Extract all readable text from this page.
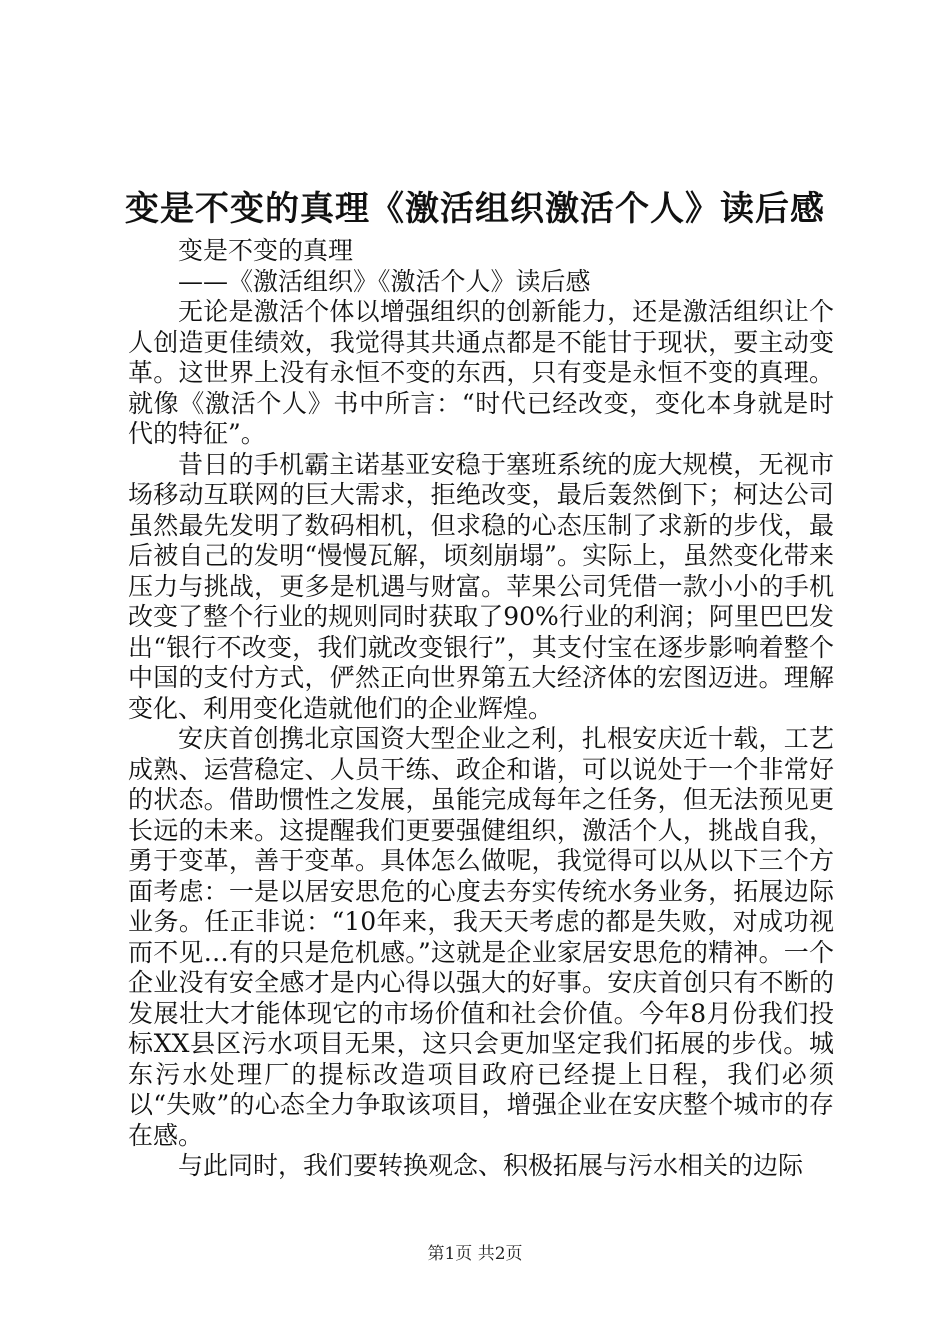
变是不变的真理《激活组织激活个人》读后感

变是不变的真理

——《激活组织》《激活个人》读后感

无论是激活个体以增强组织的创新能力，还是激活组织让个人创造更佳绩效，我觉得其共通点都是不能甘于现状，要主动变革。这世界上没有永恒不变的东西，只有变是永恒不变的真理。就像《激活个人》书中所言：“时代已经改变，变化本身就是时代的特征”。

昔日的手机霸主诺基亚安稳于塞班系统的庞大规模，无视市场移动互联网的巨大需求，拒绝改变，最后轰然倒下；柯达公司虽然最先发明了数码相机，但求稳的心态压制了求新的步伐，最后被自己的发明“慢慢瓦解，顷刻崩塌”。实际上，虽然变化带来压力与挑战，更多是机遇与财富。苹果公司凭借一款小小的手机改变了整个行业的规则同时获取了90%行业的利润；阿里巴巴发出“银行不改变，我们就改变银行”，其支付宝在逐步影响着整个中国的支付方式，俨然正向世界第五大经济体的宏图迈进。理解变化、利用变化造就他们的企业辉煌。

安庆首创携北京国资大型企业之利，扎根安庆近十载，工艺成熟、运营稳定、人员干练、政企和谐，可以说处于一个非常好的状态。借助惯性之发展，虽能完成每年之任务，但无法预见更长远的未来。这提醒我们更要强健组织，激活个人，挑战自我，勇于变革，善于变革。具体怎么做呢，我觉得可以从以下三个方面考虑：一是以居安思危的心度去夯实传统水务业务，拓展边际业务。任正非说：“10年来，我天天考虑的都是失败，对成功视而不见…有的只是危机感。”这就是企业家居安思危的精神。一个企业没有安全感才是内心得以强大的好事。安庆首创只有不断的发展壮大才能体现它的市场价值和社会价值。今年8月份我们投标XX县区污水项目无果，这只会更加坚定我们拓展的步伐。城东污水处理厂的提标改造项目政府已经提上日程，我们必须以“失败”的心态全力争取该项目，增强企业在安庆整个城市的存在感。

与此同时，我们要转换观念、积极拓展与污水相关的边际

第1页 共2页
